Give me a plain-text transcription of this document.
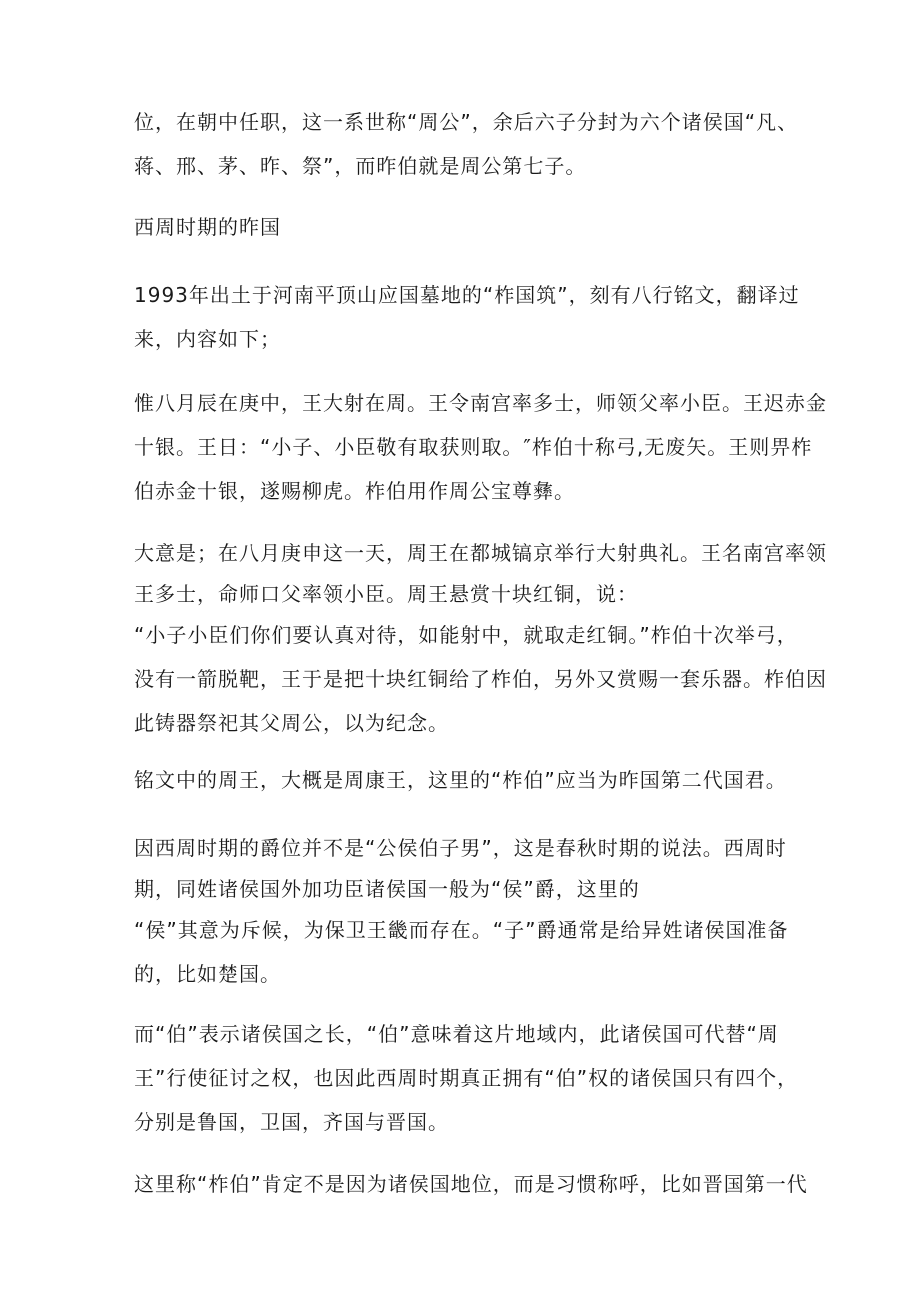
位，在朝中任职，这一系世称“周公”，余后六子分封为六个诸侯国“凡、
蒋、邢、茅、昨、祭”，而昨伯就是周公第七子。

西周时期的昨国

1993年出土于河南平顶山应国墓地的“柞国筑”，刻有八行铭文，翻译过
来，内容如下；

惟八月辰在庚中，王大射在周。王令南宫率多士，师领父率小臣。王迟赤金
十银。王日：“小子、小臣敬有取获则取。″柞伯十称弓,无废矢。王则畀柞
伯赤金十银，遂赐柳虎。柞伯用作周公宝尊彝。

大意是；在八月庚申这一天，周王在都城镐京举行大射典礼。王名南宫率领
王多士，命师口父率领小臣。周王悬赏十块红铜，说：
“小子小臣们你们要认真对待，如能射中，就取走红铜。”柞伯十次举弓，
没有一箭脱靶，王于是把十块红铜给了柞伯，另外又赏赐一套乐器。柞伯因
此铸器祭祀其父周公，以为纪念。

铭文中的周王，大概是周康王，这里的“柞伯”应当为昨国第二代国君。

因西周时期的爵位并不是“公侯伯子男”，这是春秋时期的说法。西周时
期，同姓诸侯国外加功臣诸侯国一般为“侯”爵，这里的
“侯”其意为斥候，为保卫王畿而存在。“子”爵通常是给异姓诸侯国准备
的，比如楚国。

而“伯”表示诸侯国之长，“伯”意味着这片地域内，此诸侯国可代替“周
王”行使征讨之权，也因此西周时期真正拥有“伯”权的诸侯国只有四个，
分别是鲁国，卫国，齐国与晋国。

这里称“柞伯”肯定不是因为诸侯国地位，而是习惯称呼，比如晋国第一代
